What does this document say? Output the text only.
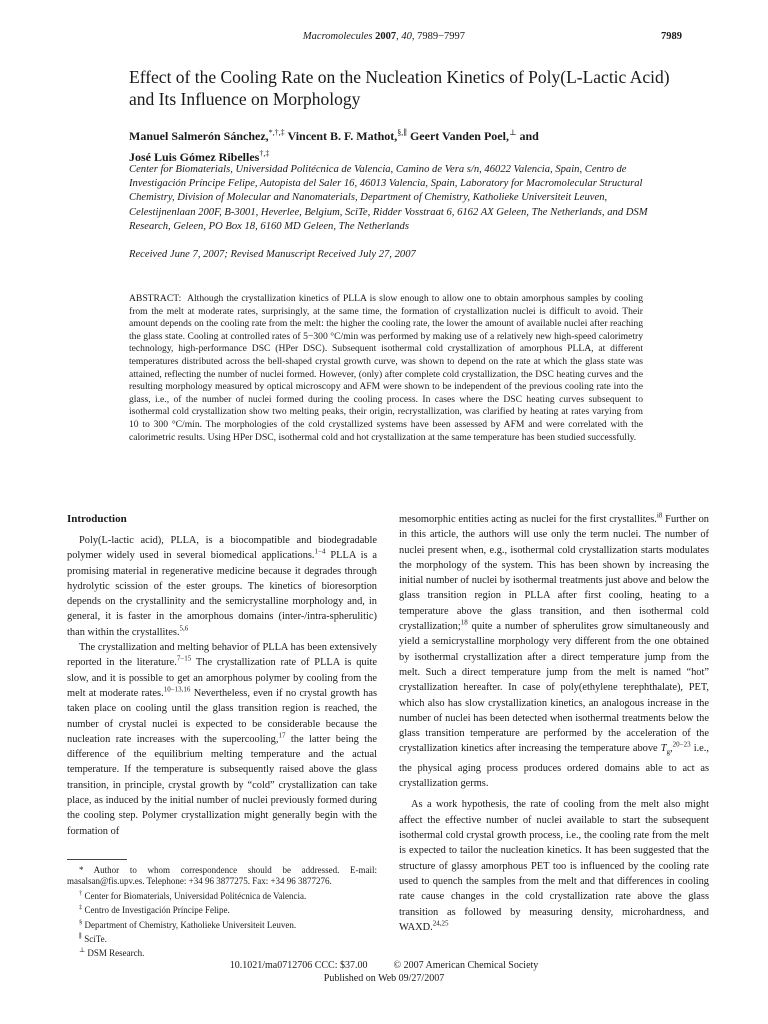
Macromolecules 2007, 40, 7989−7997	7989
Effect of the Cooling Rate on the Nucleation Kinetics of Poly(L-Lactic Acid) and Its Influence on Morphology
Manuel Salmerón Sánchez,*,†,‡ Vincent B. F. Mathot,§,∥ Geert Vanden Poel,⊥ and
José Luis Gómez Ribelles†,‡
Center for Biomaterials, Universidad Politécnica de Valencia, Camino de Vera s/n, 46022 Valencia, Spain, Centro de Investigación Príncipe Felipe, Autopista del Saler 16, 46013 Valencia, Spain, Laboratory for Macromolecular Structural Chemistry, Division of Molecular and Nanomaterials, Department of Chemistry, Katholieke Universiteit Leuven, Celestijnenlaan 200F, B-3001, Heverlee, Belgium, SciTe, Ridder Vosstraat 6, 6162 AX Geleen, The Netherlands, and DSM Research, Geleen, PO Box 18, 6160 MD Geleen, The Netherlands
Received June 7, 2007; Revised Manuscript Received July 27, 2007
ABSTRACT: Although the crystallization kinetics of PLLA is slow enough to allow one to obtain amorphous samples by cooling from the melt at moderate rates, surprisingly, at the same time, the formation of crystallization nuclei is difficult to avoid. Their amount depends on the cooling rate from the melt: the higher the cooling rate, the lower the amount of available nuclei after reaching the glass state. Cooling at controlled rates of 5−300 °C/min was performed by making use of a relatively new high-speed calorimetry technology, high-performance DSC (HPer DSC). Subsequent isothermal cold crystallization of amorphous PLLA, at different temperatures distributed across the bell-shaped crystal growth curve, was shown to depend on the rate at which the glass state was attained, reflecting the number of nuclei formed. However, (only) after complete cold crystallization, the DSC heating curves and the resulting morphology measured by optical microscopy and AFM were shown to be independent of the previous cooling rate into the glass, i.e., of the number of nuclei formed during the cooling process. In cases where the DSC heating curves subsequent to isothermal cold crystallization show two melting peaks, their origin, recrystallization, was clarified by heating at rates varying from 10 to 300 °C/min. The morphologies of the cold crystallized systems have been assessed by AFM and were correlated with the calorimetric results. Using HPer DSC, isothermal cold and hot crystallization at the same temperature has been studied successfully.
Introduction

Poly(L-lactic acid), PLLA, is a biocompatible and biodegradable polymer widely used in several biomedical applications.$^{1-4}$ PLLA is a promising material in regenerative medicine because it degrades through hydrolytic scission of the ester groups. The kinetics of bioresorption depends on the crystallinity and the semicrystalline morphology and, in general, it is faster in the amorphous domains (inter-/intra-spherulitic) than within the crystallites.$^{5,6}$

The crystallization and melting behavior of PLLA has been extensively reported in the literature.$^{7-15}$ The crystallization rate of PLLA is quite slow, and it is possible to get an amorphous polymer by cooling from the melt at moderate rates.$^{10-13,16}$ Nevertheless, even if no crystal growth has taken place on cooling until the glass transition region is reached, the number of crystal nuclei is expected to be considerable because the nucleation rate increases with the supercooling,$^{17}$ the latter being the difference of the equilibrium melting temperature and the actual temperature. If the temperature is subsequently raised above the glass transition, in principle, crystal growth by “cold” crystallization can take place, as induced by the initial number of nuclei previously formed during the cooling step. Polymer crystallization might generally begin with the formation of

mesomorphic entities acting as nuclei for the first crystallites.$^{i8}$ Further on in this article, the authors will use only the term nuclei. The number of nuclei present when, e.g., isothermal cold crystallization starts modulates the morphology of the system. This has been shown by increasing the initial number of nuclei by isothermal treatments just above and below the glass transition region in PLLA after first cooling, heating to a temperature above the glass transition, and then isothermal cold crystallization;$^{18}$ quite a number of spherulites grow simultaneously and yield a semicrystalline morphology very different from the one obtained by isothermal crystallization after a direct temperature jump from the melt. Such a direct temperature jump from the melt is named “hot” crystallization hereafter. In case of poly(ethylene terephthalate), PET, which also has slow crystallization kinetics, an analogous increase in the number of nuclei has been detected when isothermal treatments below the glass transition temperature are performed by the acceleration of the crystallization kinetics after increasing the temperature above $T_g,^{20-23}$ i.e., the physical aging process produces ordered domains able to act as crystallization germs.

As a work hypothesis, the rate of cooling from the melt also might affect the effective number of nuclei available to start the subsequent isothermal cold crystal growth process, i.e., the cooling rate from the melt is expected to tailor the nucleation kinetics. It has been suggested that the structure of glassy amorphous PET too is influenced by the cooling rate used to quench the samples from the melt and that differences in cooling rate cause changes in the cold crystallization rate above the glass transition as followed by measuring density, microhardness, and WAXD.$^{24,25}$

* Author to whom correspondence should be addressed. E-mail: masalsan@fis.upv.es. Telephone: +34 96 3877275. Fax: +34 96 3877276.
† Center for Biomaterials, Universidad Politécnica de Valencia.
‡ Centro de Investigación Príncipe Felipe.
§ Department of Chemistry, Katholieke Universiteit Leuven.
∥ SciTe.
⊥ DSM Research.
10.1021/ma0712706 CCC: $37.00	© 2007 American Chemical Society
Published on Web 09/27/2007
